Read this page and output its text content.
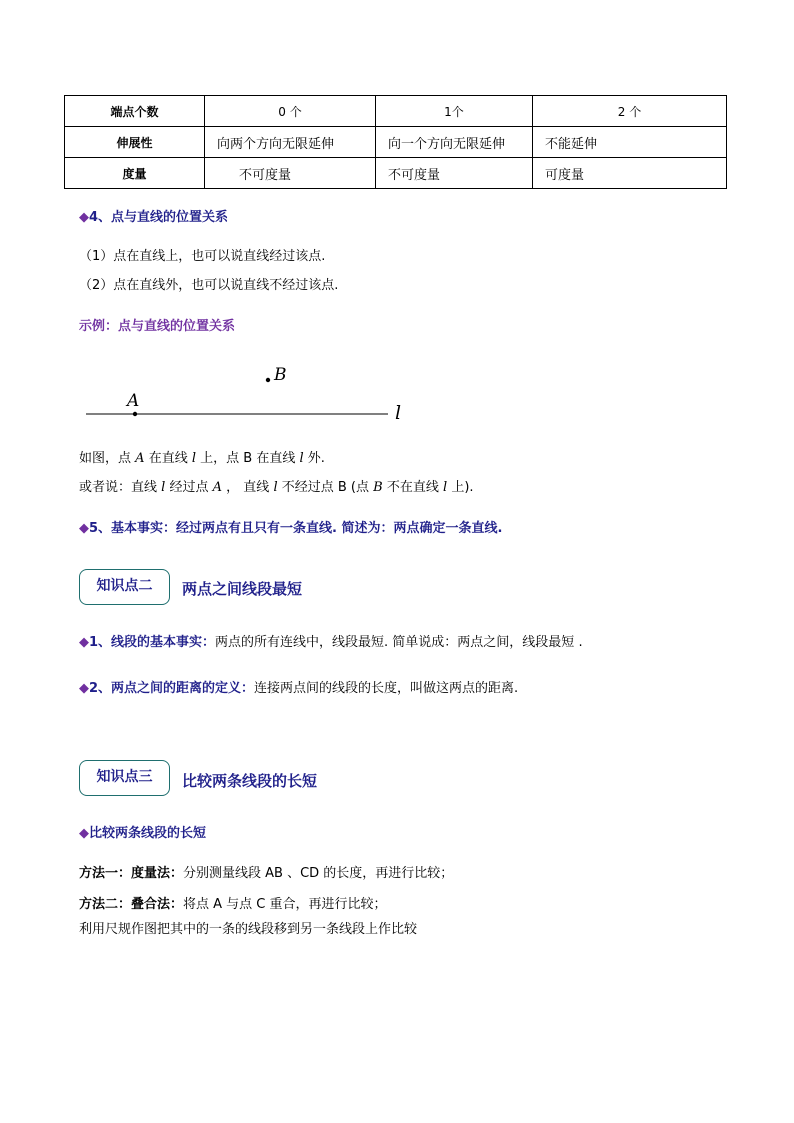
端点个数	0 个	1个	2 个
伸展性	向两个方向无限延伸	向一个方向无限延伸	不能延伸
度量	不可度量	不可度量	可度量
◆4、点与直线的位置关系
（1）点在直线上，也可以说直线经过该点.
（2）点在直线外，也可以说直线不经过该点.
示例：点与直线的位置关系
A
B
l
如图，点 A 在直线 l 上，点 B 在直线 l 外.
或者说：直线 l 经过点 A ， 直线 l 不经过点 B (点 B 不在直线 l 上).
◆5、基本事实：经过两点有且只有一条直线. 简述为：两点确定一条直线.
知识点二	两点之间线段最短
◆1、线段的基本事实：两点的所有连线中，线段最短. 简单说成：两点之间，线段最短 .
◆2、两点之间的距离的定义：连接两点间的线段的长度，叫做这两点的距离.
知识点三	比较两条线段的长短
◆比较两条线段的长短
方法一：度量法：分别测量线段 AB 、CD 的长度，再进行比较；
方法二：叠合法：将点 A 与点 C 重合，再进行比较；
利用尺规作图把其中的一条的线段移到另一条线段上作比较
